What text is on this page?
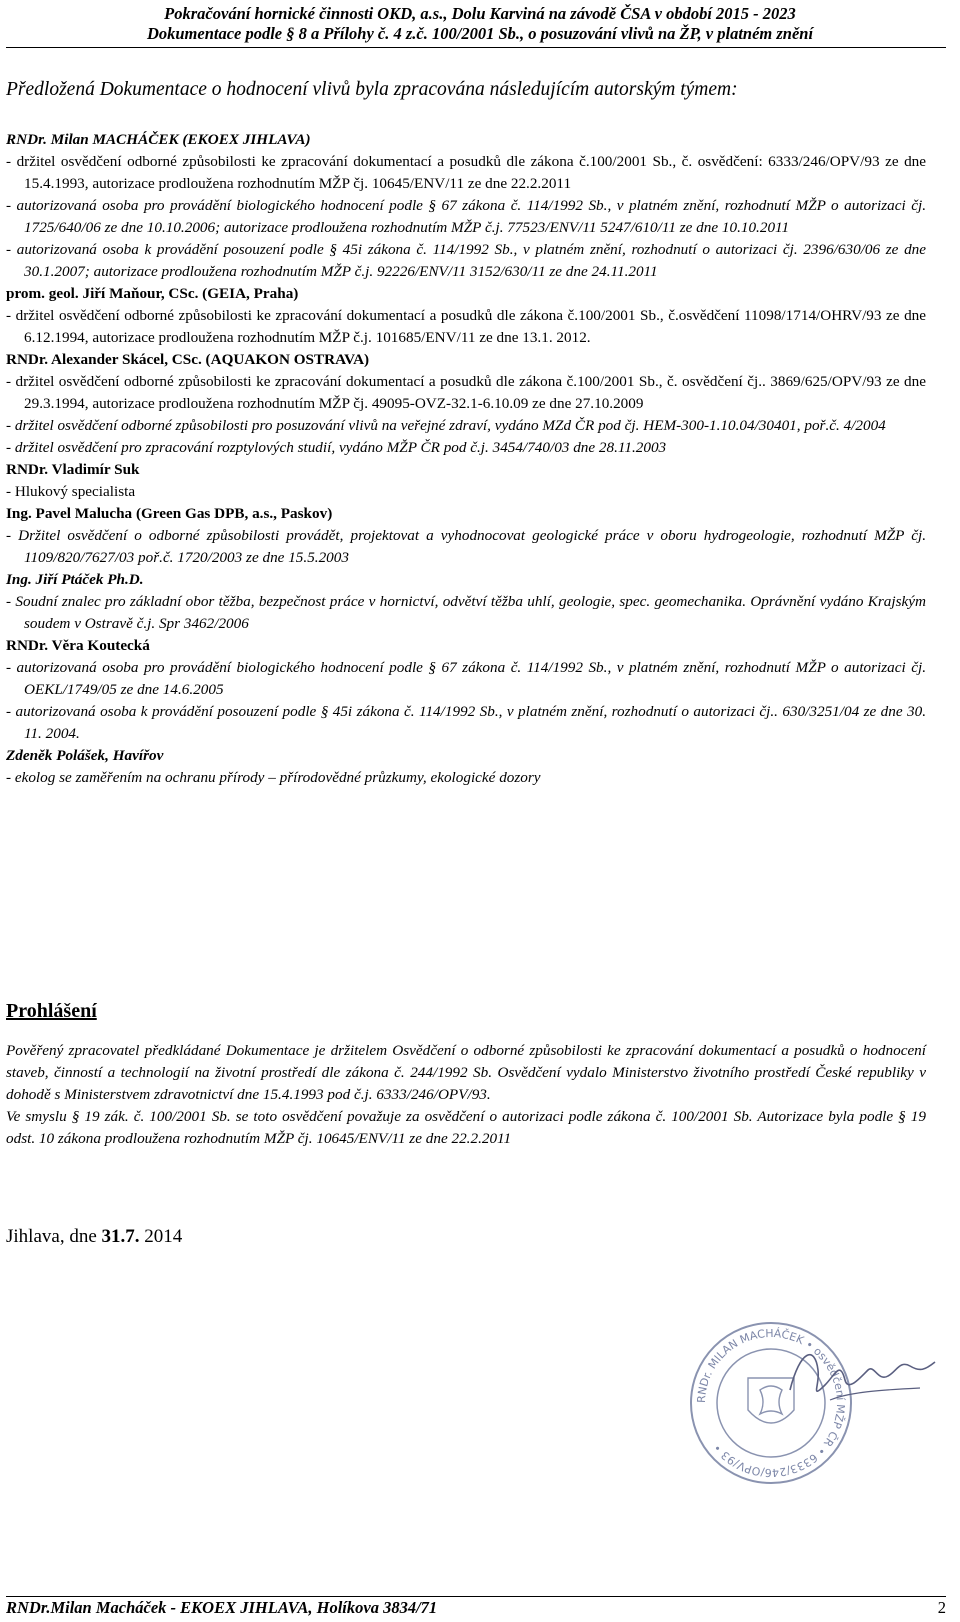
Pokračování hornické činnosti OKD, a.s., Dolu Karviná na závodě ČSA v období 2015 - 2023
Dokumentace podle § 8 a Přílohy č. 4 z.č. 100/2001 Sb., o posuzování vlivů na ŽP, v platném znění
Předložená Dokumentace o hodnocení vlivů byla zpracována následujícím autorským týmem:
RNDr. Milan MACHÁČEK (EKOEX JIHLAVA)
- držitel osvědčení odborné způsobilosti ke zpracování dokumentací a posudků dle zákona č.100/2001 Sb., č. osvědčení: 6333/246/OPV/93 ze dne 15.4.1993, autorizace prodloužena rozhodnutím MŽP čj. 10645/ENV/11 ze dne 22.2.2011
- autorizovaná osoba pro provádění biologického hodnocení podle § 67 zákona č. 114/1992 Sb., v platném znění, rozhodnutí MŽP o autorizaci čj. 1725/640/06 ze dne 10.10.2006; autorizace prodloužena rozhodnutím MŽP č.j. 77523/ENV/11 5247/610/11 ze dne 10.10.2011
- autorizovaná osoba k provádění posouzení podle § 45i zákona č. 114/1992 Sb., v platném znění, rozhodnutí o autorizaci čj. 2396/630/06 ze dne 30.1.2007; autorizace prodloužena rozhodnutím MŽP č.j. 92226/ENV/11 3152/630/11 ze dne 24.11.2011
prom. geol. Jiří Maňour, CSc. (GEIA, Praha)
- držitel osvědčení odborné způsobilosti ke zpracování dokumentací a posudků dle zákona č.100/2001 Sb., č.osvědčení 11098/1714/OHRV/93 ze dne 6.12.1994, autorizace prodloužena rozhodnutím MŽP č.j. 101685/ENV/11 ze dne 13.1. 2012.
RNDr. Alexander Skácel, CSc. (AQUAKON OSTRAVA)
- držitel osvědčení odborné způsobilosti ke zpracování dokumentací a posudků dle zákona č.100/2001 Sb., č. osvědčení čj.. 3869/625/OPV/93 ze dne 29.3.1994, autorizace prodloužena rozhodnutím MŽP čj. 49095-OVZ-32.1-6.10.09 ze dne 27.10.2009
- držitel osvědčení odborné způsobilosti pro posuzování vlivů na veřejné zdraví, vydáno MZd ČR pod čj. HEM-300-1.10.04/30401, poř.č. 4/2004
- držitel osvědčení pro zpracování rozptylových studií, vydáno MŽP ČR pod č.j. 3454/740/03 dne 28.11.2003
RNDr. Vladimír Suk
- Hlukový specialista
Ing. Pavel Malucha (Green Gas DPB, a.s., Paskov)
- Držitel osvědčení o odborné způsobilosti provádět, projektovat a vyhodnocovat geologické práce v oboru hydrogeologie, rozhodnutí MŽP čj. 1109/820/7627/03 poř.č. 1720/2003 ze dne 15.5.2003
Ing. Jiří Ptáček Ph.D.
- Soudní znalec pro základní obor těžba, bezpečnost práce v hornictví, odvětví těžba uhlí, geologie, spec. geomechanika. Oprávnění vydáno Krajským soudem v Ostravě č.j. Spr 3462/2006
RNDr. Věra Koutecká
- autorizovaná osoba pro provádění biologického hodnocení podle § 67 zákona č. 114/1992 Sb., v platném znění, rozhodnutí MŽP o autorizaci čj. OEKL/1749/05 ze dne 14.6.2005
- autorizovaná osoba k provádění posouzení podle § 45i zákona č. 114/1992 Sb., v platném znění, rozhodnutí o autorizaci čj.. 630/3251/04 ze dne 30. 11. 2004.
Zdeněk Polášek, Havířov
- ekolog se zaměřením na ochranu přírody – přírodovědné průzkumy, ekologické dozory
Prohlášení

Pověřený zpracovatel předkládané Dokumentace je držitelem Osvědčení o odborné způsobilosti ke zpracování dokumentací a posudků o hodnocení staveb, činností a technologií na životní prostředí dle zákona č. 244/1992 Sb. Osvědčení vydalo Ministerstvo životního prostředí České republiky v dohodě s Ministerstvem zdravotnictví dne 15.4.1993 pod č.j. 6333/246/OPV/93.

Ve smyslu § 19 zák. č. 100/2001 Sb. se toto osvědčení považuje za osvědčení o autorizaci podle zákona č. 100/2001 Sb. Autorizace byla podle § 19 odst. 10 zákona prodloužena rozhodnutím MŽP čj. 10645/ENV/11 ze dne 22.2.2011

Jihlava, dne 31.7. 2014
RNDr. MILAN MACHÁČEK • osvědčení MŽP ČR • 6333/246/OPV/93 •
RNDr.Milan Macháček - EKOEX JIHLAVA, Holíkova 3834/71	2
